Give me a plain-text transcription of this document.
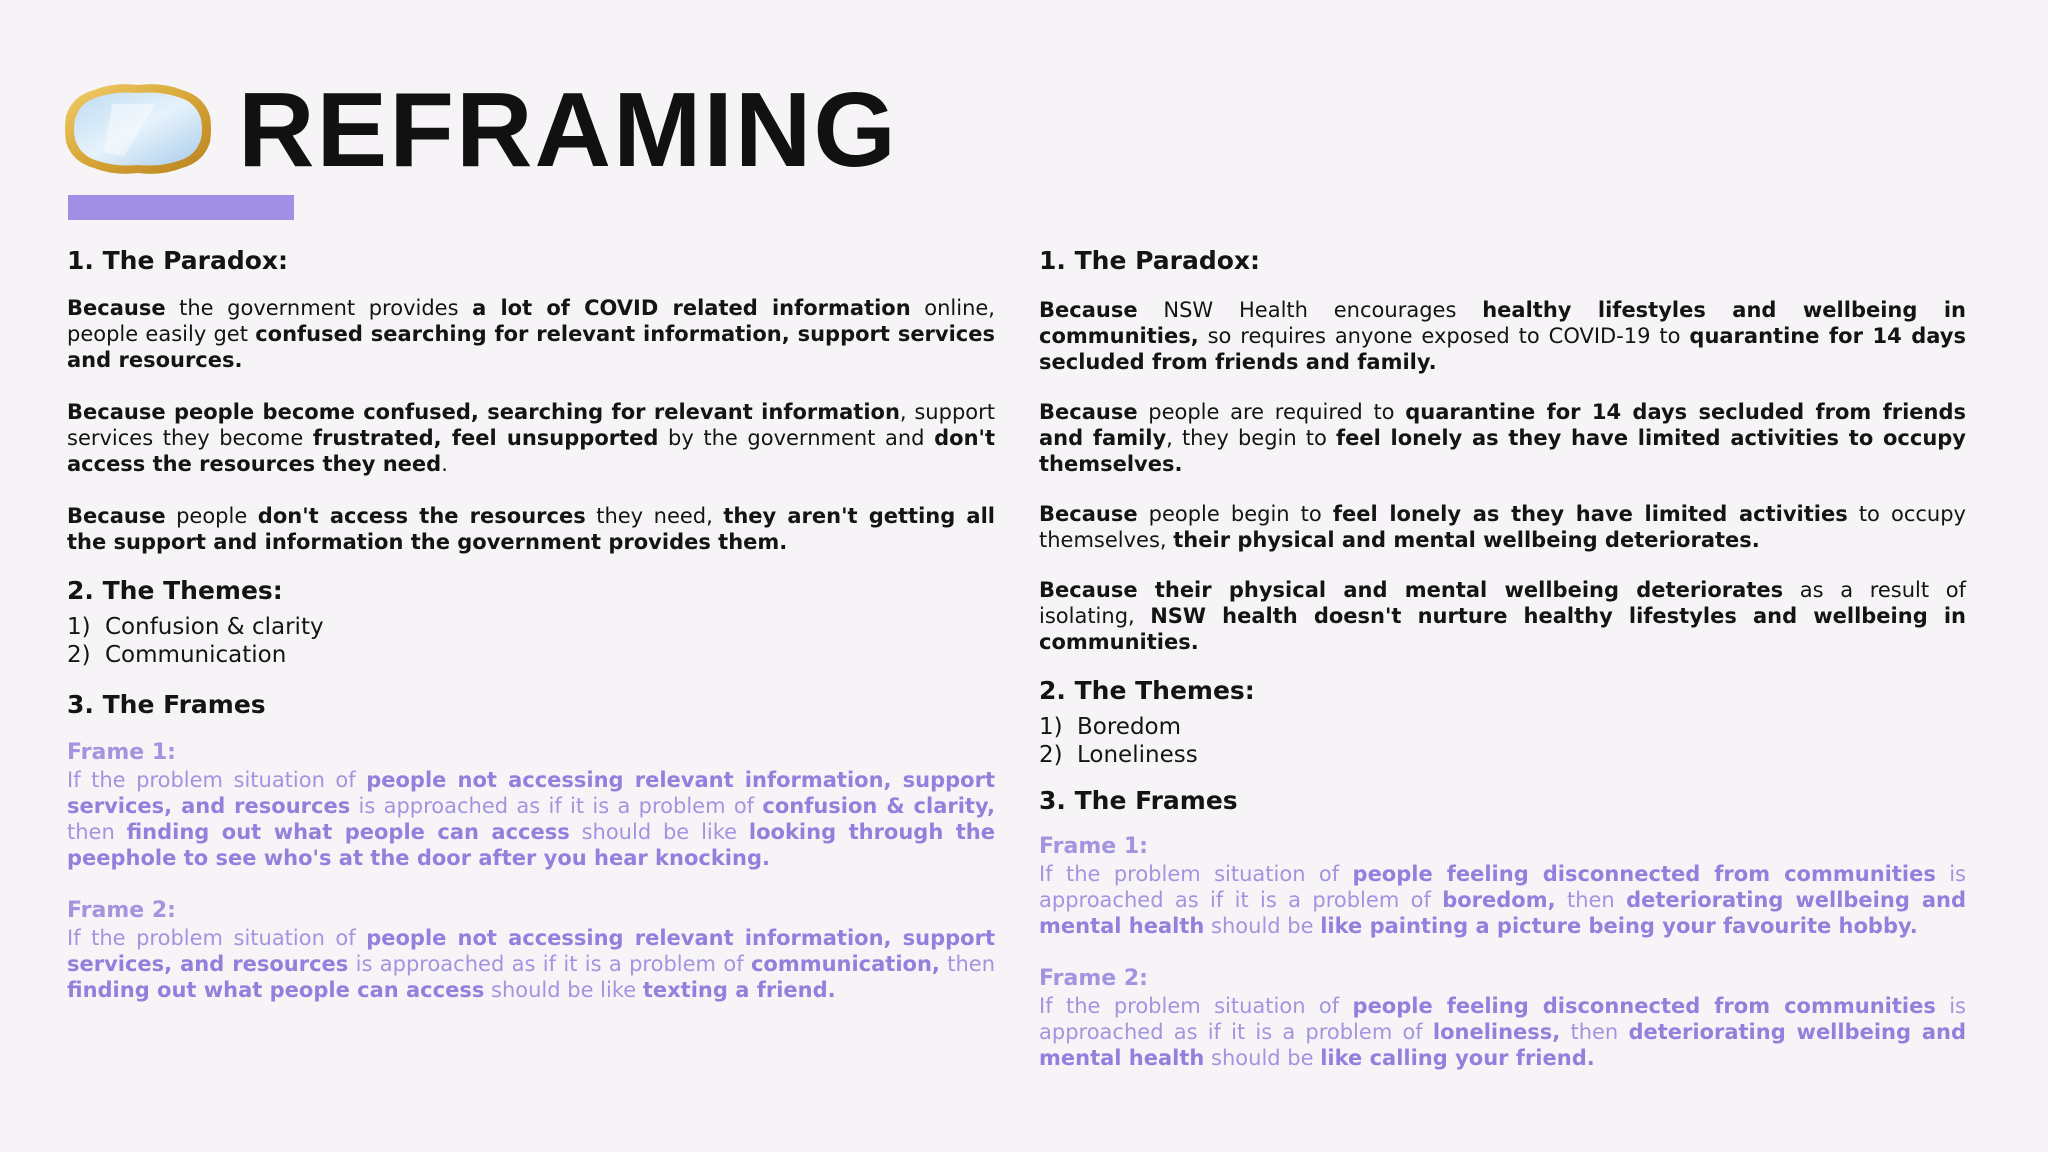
REFRAMING

1. The Paradox:

Because the government provides a lot of COVID related information online, people easily get confused searching for relevant information, support services and resources.

Because people become confused, searching for relevant information, support services they become frustrated, feel unsupported by the government and don't access the resources they need.

Because people don't access the resources they need, they aren't getting all the support and information the government provides them.

2. The Themes:

1) Confusion & clarity
2) Communication

3. The Frames

Frame 1:

If the problem situation of people not accessing relevant information, support services, and resources is approached as if it is a problem of confusion & clarity, then finding out what people can access should be like looking through the peephole to see who's at the door after you hear knocking.

Frame 2:

If the problem situation of people not accessing relevant information, support services, and resources is approached as if it is a problem of communication, then finding out what people can access should be like texting a friend.

1. The Paradox:

Because NSW Health encourages healthy lifestyles and wellbeing in communities, so requires anyone exposed to COVID-19 to quarantine for 14 days secluded from friends and family.

Because people are required to quarantine for 14 days secluded from friends and family, they begin to feel lonely as they have limited activities to occupy themselves.

Because people begin to feel lonely as they have limited activities to occupy themselves, their physical and mental wellbeing deteriorates.

Because their physical and mental wellbeing deteriorates as a result of isolating, NSW health doesn't nurture healthy lifestyles and wellbeing in communities.

2. The Themes:

1) Boredom
2) Loneliness

3. The Frames

Frame 1:

If the problem situation of people feeling disconnected from communities is approached as if it is a problem of boredom, then deteriorating wellbeing and mental health should be like painting a picture being your favourite hobby.

Frame 2:

If the problem situation of people feeling disconnected from communities is approached as if it is a problem of loneliness, then deteriorating wellbeing and mental health should be like calling your friend.
